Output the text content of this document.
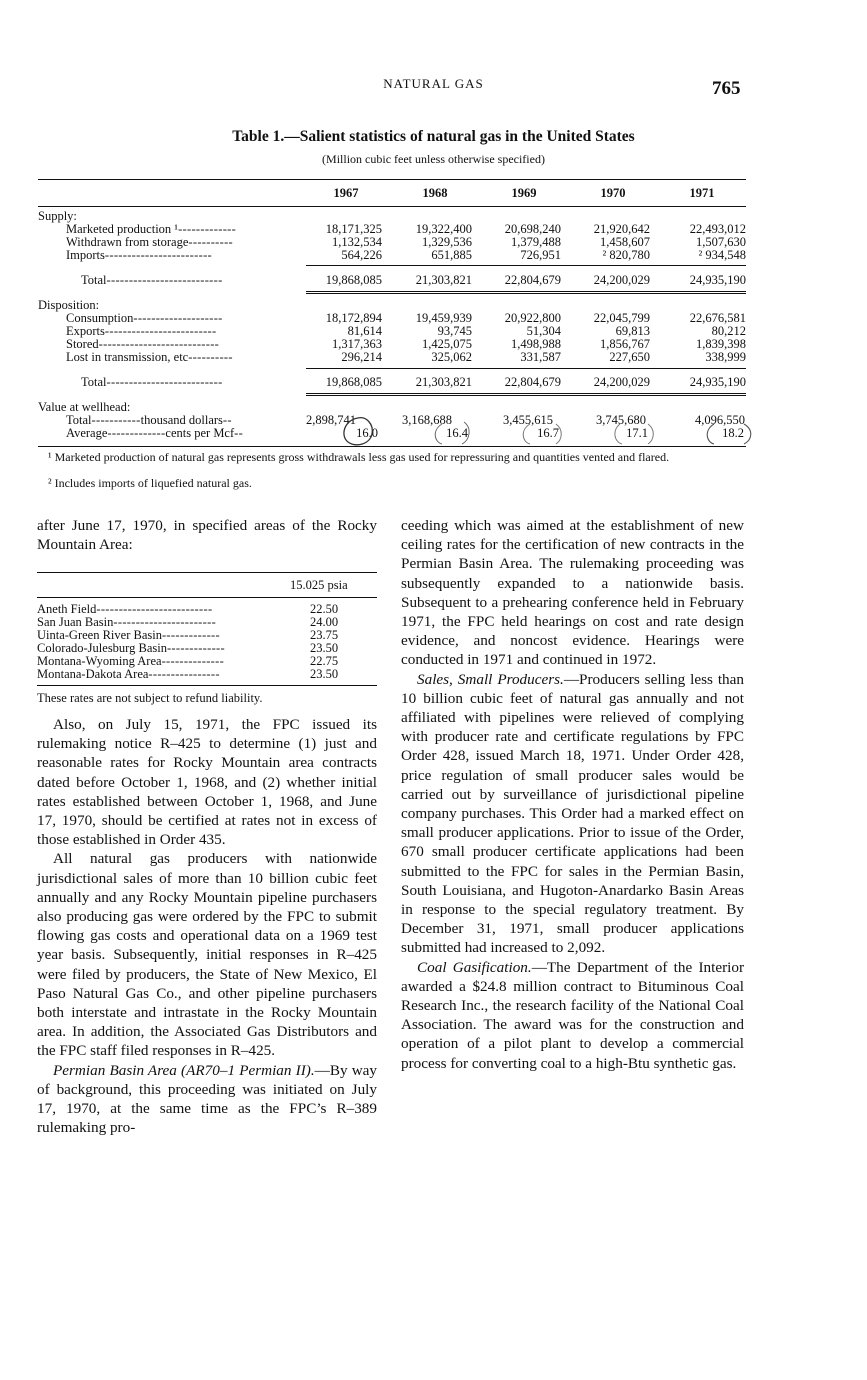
NATURAL GAS	765
Table 1.—Salient statistics of natural gas in the United States
(Million cubic feet unless otherwise specified)
1967	1968	1969	1970	1971
Supply:
Marketed production ¹-------------	18,171,325	19,322,400	20,698,240	21,920,642	22,493,012
Withdrawn from storage----------	1,132,534	1,329,536	1,379,488	1,458,607	1,507,630
Imports------------------------	564,226	651,885	726,951	² 820,780	² 934,548
Total--------------------------	19,868,085	21,303,821	22,804,679	24,200,029	24,935,190
Disposition:
Consumption--------------------	18,172,894	19,459,939	20,922,800	22,045,799	22,676,581
Exports-------------------------	81,614	93,745	51,304	69,813	80,212
Stored---------------------------	1,317,363	1,425,075	1,498,988	1,856,767	1,839,398
Lost in transmission, etc----------	296,214	325,062	331,587	227,650	338,999
Total--------------------------	19,868,085	21,303,821	22,804,679	24,200,029	24,935,190
Value at wellhead:
Total-----------thousand dollars--	2,898,741	3,168,688	3,455,615	3,745,680	4,096,550
Average-------------cents per Mcf--	16.0	16.4	16.7	17.1	18.2
¹ Marketed production of natural gas represents gross withdrawals less gas used for repressuring and quantities vented and flared.
² Includes imports of liquefied natural gas.

after June 17, 1970, in specified areas of the Rocky Mountain Area:

15.025 psia
Aneth Field--------------------------	22.50
San Juan Basin-----------------------	24.00
Uinta-Green River Basin-------------	23.75
Colorado-Julesburg Basin-------------	23.50
Montana-Wyoming Area--------------	22.75
Montana-Dakota Area----------------	23.50
These rates are not subject to refund liability.

Also, on July 15, 1971, the FPC issued its rulemaking notice R–425 to determine (1) just and reasonable rates for Rocky Mountain area contracts dated before October 1, 1968, and (2) whether initial rates established between October 1, 1968, and June 17, 1970, should be certified at rates not in excess of those established in Order 435.

All natural gas producers with nationwide jurisdictional sales of more than 10 billion cubic feet annually and any Rocky Mountain pipeline purchasers also producing gas were ordered by the FPC to submit flowing gas costs and operational data on a 1969 test year basis. Subsequently, initial responses in R–425 were filed by producers, the State of New Mexico, El Paso Natural Gas Co., and other pipeline purchasers both interstate and intrastate in the Rocky Mountain area. In addition, the Associated Gas Distributors and the FPC staff filed responses in R–425.

Permian Basin Area (AR70–1 Permian II).—By way of background, this proceeding was initiated on July 17, 1970, at the same time as the FPC’s R–389 rulemaking pro-

ceeding which was aimed at the establishment of new ceiling rates for the certification of new contracts in the Permian Basin Area. The rulemaking proceeding was subsequently expanded to a nationwide basis. Subsequent to a prehearing conference held in February 1971, the FPC held hearings on cost and rate design evidence, and noncost evidence. Hearings were conducted in 1971 and continued in 1972.

Sales, Small Producers.—Producers selling less than 10 billion cubic feet of natural gas annually and not affiliated with pipelines were relieved of complying with producer rate and certificate regulations by FPC Order 428, issued March 18, 1971. Under Order 428, price regulation of small producer sales would be carried out by surveillance of jurisdictional pipeline company purchases. This Order had a marked effect on small producer applications. Prior to issue of the Order, 670 small producer certificate applications had been submitted to the FPC for sales in the Permian Basin, South Louisiana, and Hugoton-Anardarko Basin Areas in response to the special regulatory treatment. By December 31, 1971, small producer applications submitted had increased to 2,092.

Coal Gasification.—The Department of the Interior awarded a $24.8 million contract to Bituminous Coal Research Inc., the research facility of the National Coal Association. The award was for the construction and operation of a pilot plant to develop a commercial process for converting coal to a high-Btu synthetic gas.
